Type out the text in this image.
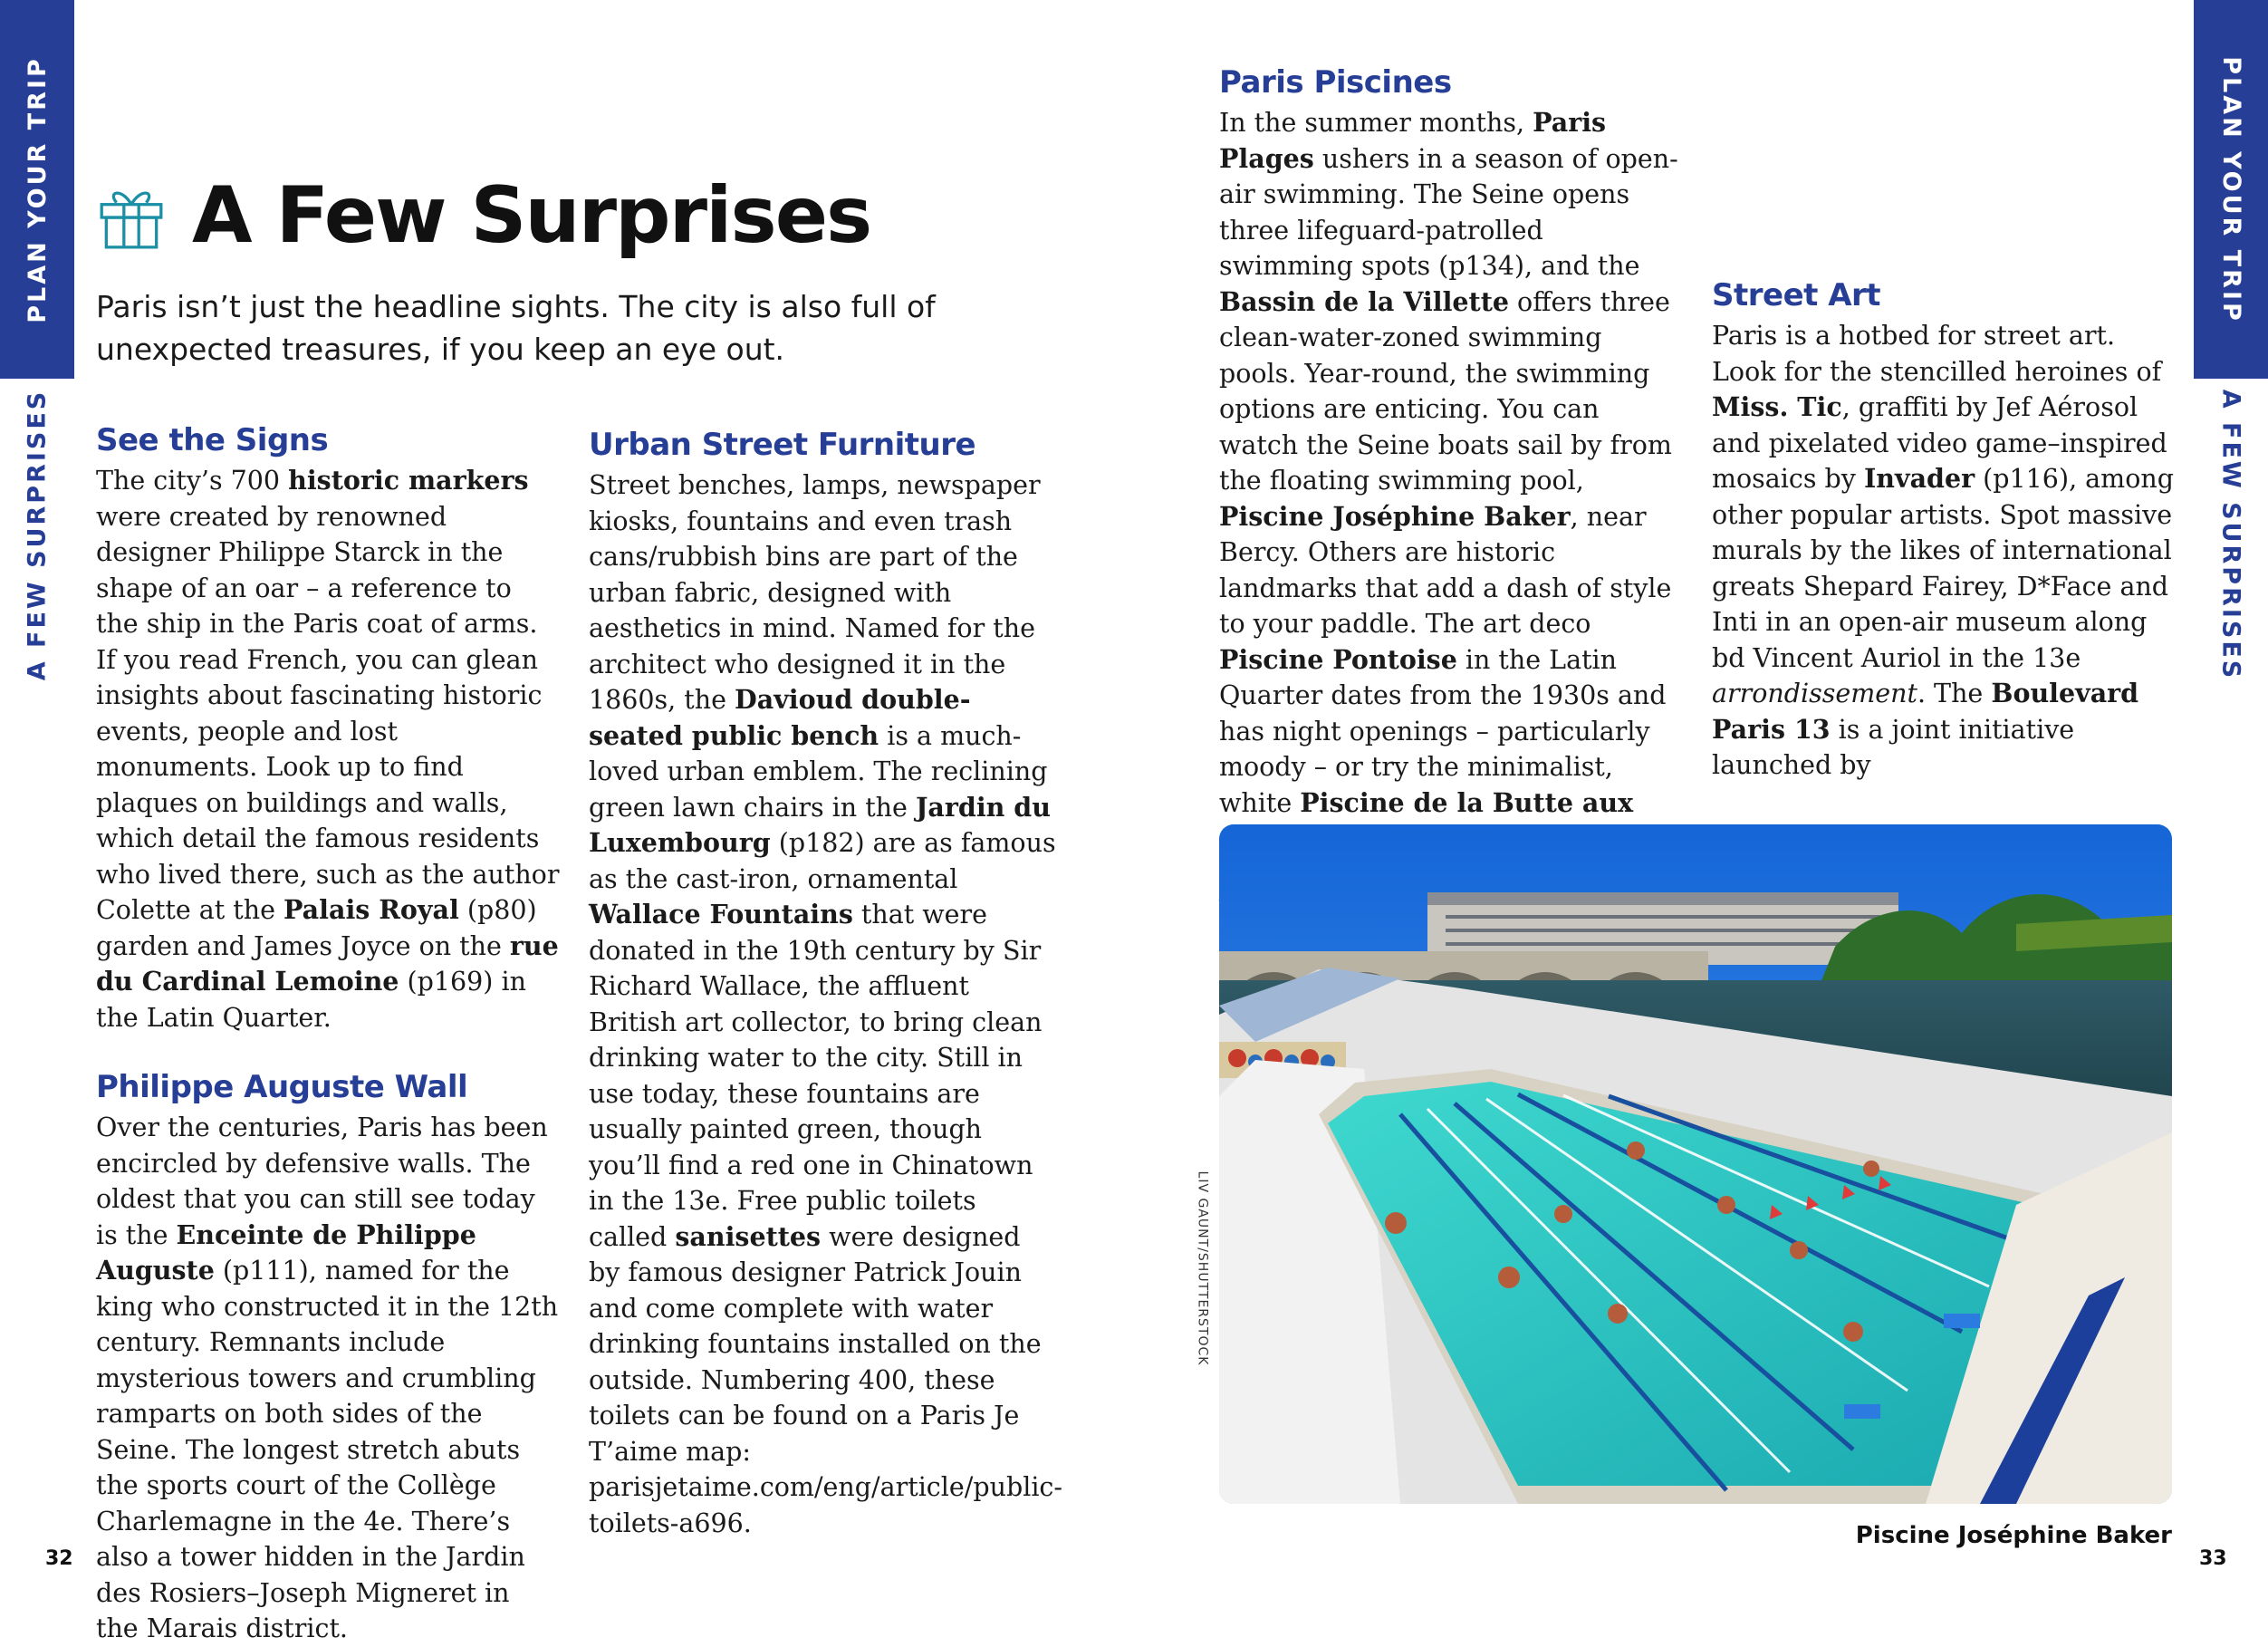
PLAN YOUR TRIP
A FEW SURPRISES
PLAN YOUR TRIP
A FEW SURPRISES
A Few Surprises
Paris isn’t just the headline sights. The city is also full of unexpected treasures, if you keep an eye out.
See the Signs

The city’s 700 historic markers were created by renowned designer Philippe Starck in the shape of an oar – a reference to the ship in the Paris coat of arms. If you read French, you can glean insights about fascinating historic events, people and lost monuments. Look up to find plaques on buildings and walls, which detail the famous residents who lived there, such as the author Colette at the Palais Royal (p80) garden and James Joyce on the rue du Cardinal Lemoine (p169) in the Latin Quarter.

Philippe Auguste Wall

Over the centuries, Paris has been encircled by defensive walls. The oldest that you can still see today is the Enceinte de Philippe Auguste (p111), named for the king who constructed it in the 12th century. Remnants include mysterious towers and crumbling ramparts on both sides of the Seine. The longest stretch abuts the sports court of the Collège Charlemagne in the 4e. There’s also a tower hidden in the Jardin des Rosiers–Joseph Migneret in the Marais district.

Urban Street Furniture

Street benches, lamps, newspaper kiosks, fountains and even trash cans/rubbish bins are part of the urban fabric, designed with aesthetics in mind. Named for the architect who designed it in the 1860s, the Davioud double-seated public bench is a much-loved urban emblem. The reclining green lawn chairs in the Jardin du Luxembourg (p182) are as famous as the cast-iron, ornamental Wallace Fountains that were donated in the 19th century by Sir Richard Wallace, the affluent British art collector, to bring clean drinking water to the city. Still in use today, these fountains are usually painted green, though you’ll find a red one in Chinatown in the 13e. Free public toilets called sanisettes were designed by famous designer Patrick Jouin and come complete with water drinking fountains installed on the outside. Numbering 400, these toilets can be found on a Paris Je T’aime map: parisjetaime.com/eng/article/public-toilets-a696.

Paris Piscines

In the summer months, Paris Plages ushers in a season of open-air swimming. The Seine opens three lifeguard-patrolled swimming spots (p134), and the Bassin de la Villette offers three clean-water-zoned swimming pools. Year-round, the swimming options are enticing. You can watch the Seine boats sail by from the floating swimming pool, Piscine Joséphine Baker, near Bercy. Others are historic landmarks that add a dash of style to your paddle. The art deco Piscine Pontoise in the Latin Quarter dates from the 1930s and has night openings – particularly moody – or try the minimalist, white Piscine de la Butte aux

Street Art

Paris is a hotbed for street art. Look for the stencilled heroines of Miss. Tic, graffiti by Jef Aérosol and pixelated video game–inspired mosaics by Invader (p116), among other popular artists. Spot massive murals by the likes of international greats Shepard Fairey, D*Face and Inti in an open-air museum along bd Vincent Auriol in the 13e arrondissement. The Boulevard Paris 13 is a joint initiative launched by

LIV GAUNT/SHUTTERSTOCK
Piscine Joséphine Baker
32	33
